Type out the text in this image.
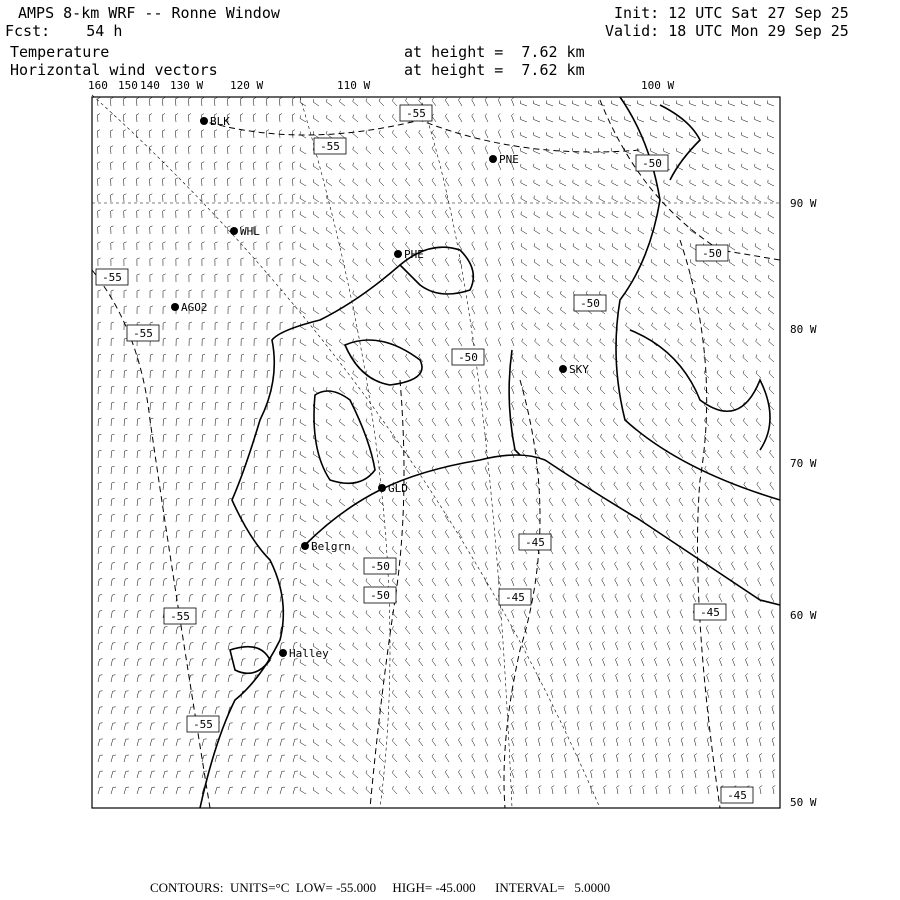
AMPS 8-km WRF -- Ronne Window
Fcst:    54 h
Temperature
Horizontal wind vectors
at height =  7.62 km
at height =  7.62 km
Init: 12 UTC Sat 27 Sep 25
Valid: 18 UTC Mon 29 Sep 25
BLK
PNE
PHE
WHL
AGO2
SKY
GLD
Belgrn
Halley
-55
-55
-55
-55
-55
-55
-50
-50
-50
-50
-50
-50
-45
-45
-45
-45
160 150 140 130 W 120 W	110 W	100 W
90 W
80 W
70 W
60 W
50 W
CONTOURS:  UNITS=°C  LOW= -55.000     HIGH= -45.000      INTERVAL=   5.0000
